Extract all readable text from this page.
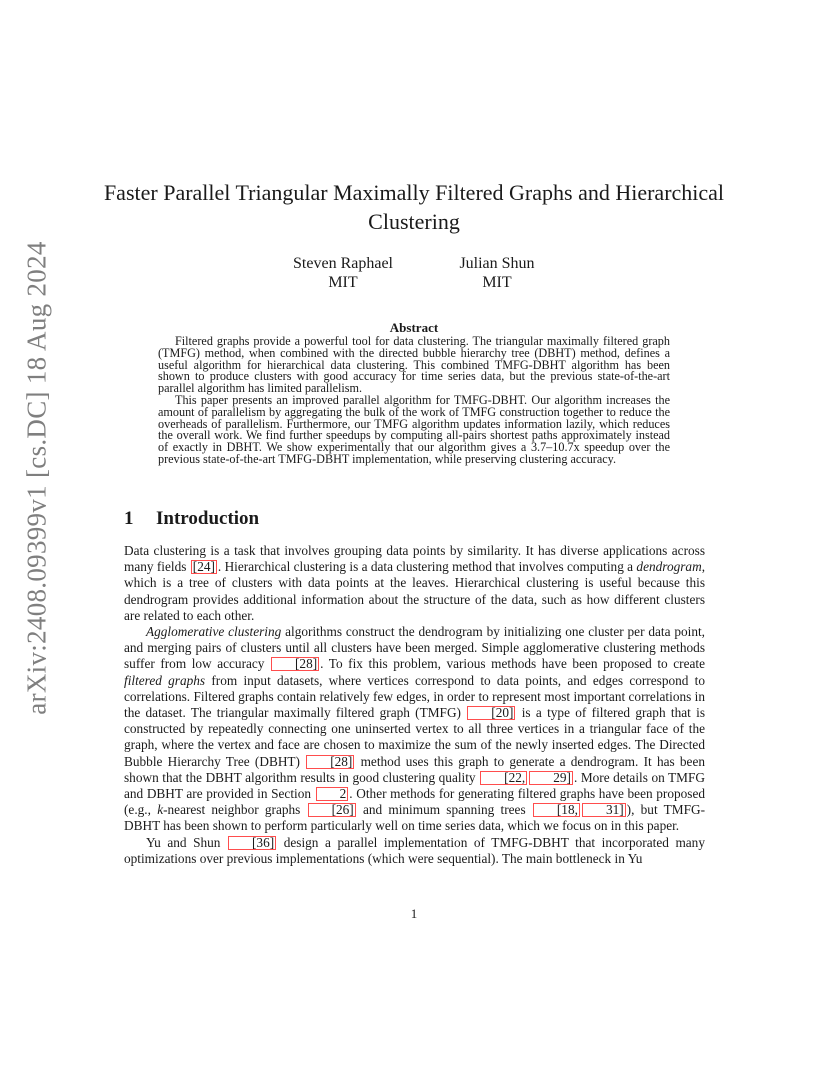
arXiv:2408.09399v1 [cs.DC] 18 Aug 2024
Faster Parallel Triangular Maximally Filtered Graphs and Hierarchical Clustering
Steven Raphael
MIT
Julian Shun
MIT
Abstract

Filtered graphs provide a powerful tool for data clustering. The triangular maximally filtered graph (TMFG) method, when combined with the directed bubble hierarchy tree (DBHT) method, defines a useful algorithm for hierarchical data clustering. This combined TMFG-DBHT algorithm has been shown to produce clusters with good accuracy for time series data, but the previous state-of-the-art parallel algorithm has limited parallelism.

This paper presents an improved parallel algorithm for TMFG-DBHT. Our algorithm increases the amount of parallelism by aggregating the bulk of the work of TMFG construction together to reduce the overheads of parallelism. Furthermore, our TMFG algorithm updates information lazily, which reduces the overall work. We find further speedups by computing all-pairs shortest paths approximately instead of exactly in DBHT. We show experimentally that our algorithm gives a 3.7–10.7x speedup over the previous state-of-the-art TMFG-DBHT implementation, while preserving clustering accuracy.

1 Introduction

Data clustering is a task that involves grouping data points by similarity. It has diverse applications across many fields [24] . Hierarchical clustering is a data clustering method that involves computing a dendrogram, which is a tree of clusters with data points at the leaves. Hierarchical clustering is useful because this dendrogram provides additional information about the structure of the data, such as how different clusters are related to each other.

Agglomerative clustering algorithms construct the dendrogram by initializing one cluster per data point, and merging pairs of clusters until all clusters have been merged. Simple agglomerative clustering methods suffer from low accuracy [28] . To fix this problem, various methods have been proposed to create filtered graphs from input datasets, where vertices correspond to data points, and edges correspond to correlations. Filtered graphs contain relatively few edges, in order to represent most important correlations in the dataset. The triangular maximally filtered graph (TMFG) [20] is a type of filtered graph that is constructed by repeatedly connecting one uninserted vertex to all three vertices in a triangular face of the graph, where the vertex and face are chosen to maximize the sum of the newly inserted edges. The Directed Bubble Hierarchy Tree (DBHT) [28] method uses this graph to generate a dendrogram. It has been shown that the DBHT algorithm results in good clustering quality [22, 29] . More details on TMFG and DBHT are provided in Section 2 . Other methods for generating filtered graphs have been proposed (e.g., k-nearest neighbor graphs [26] and minimum spanning trees [18, 31] ), but TMFG-DBHT has been shown to perform particularly well on time series data, which we focus on in this paper.

Yu and Shun [36] design a parallel implementation of TMFG-DBHT that incorporated many optimizations over previous implementations (which were sequential). The main bottleneck in Yu

1
